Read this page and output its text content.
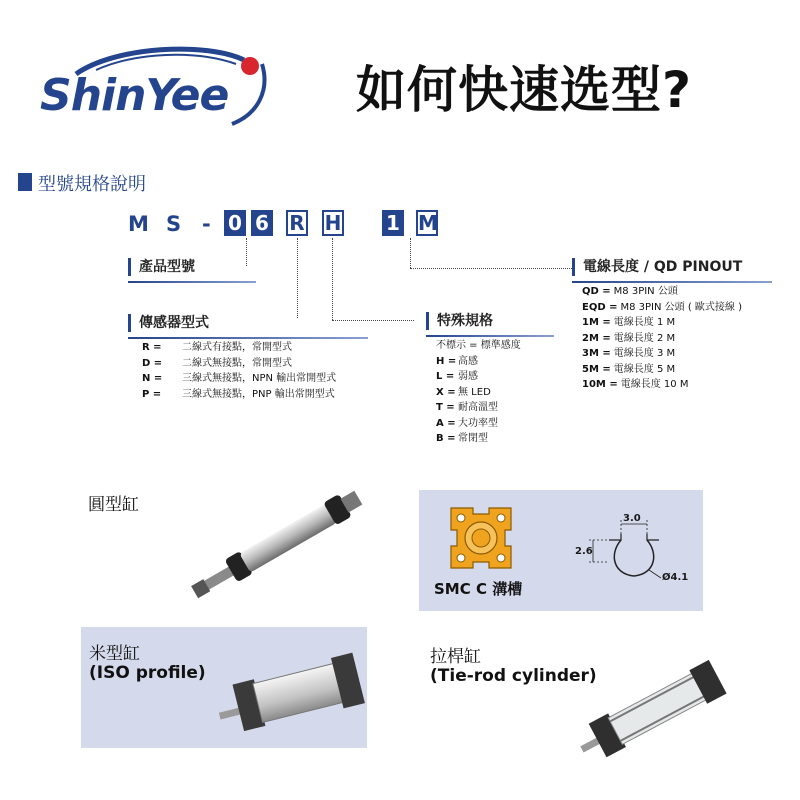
ShinYee	如何快速选型?
型號規格說明
M S - 0 6 R H 1 M
產品型號
傳感器型式
R = 二線式有接點，常開型式
D = 二線式無接點，常開型式
N = 三線式無接點，NPN 輸出常開型式
P = 三線式無接點，PNP 輸出常開型式
特殊規格
不標示 = 標準感度
H = 高感
L = 弱感
X = 無 LED
T = 耐高溫型
A = 大功率型
B = 常閉型
電線長度 / QD PINOUT
QD = M8 3PIN 公頭
EQD = M8 3PIN 公頭 ( 歐式接線 )
1M = 電線長度 1 M
2M = 電線長度 2 M
3M = 電線長度 3 M
5M = 電線長度 5 M
10M = 電線長度 10 M
圓型缸
SMC C 溝槽
3.0
2.6
Ø4.1
米型缸
(ISO profile)
拉桿缸
(Tie-rod cylinder)
